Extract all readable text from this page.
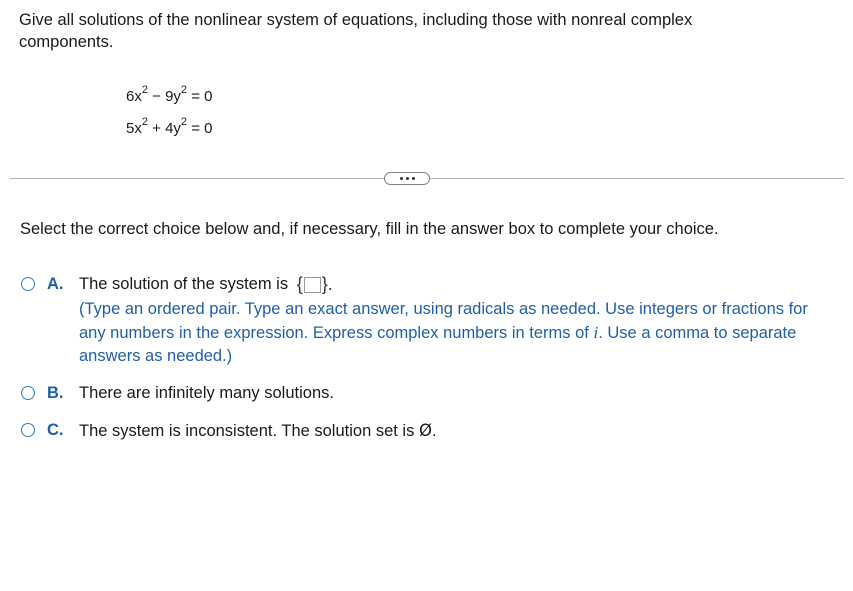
Give all solutions of the nonlinear system of equations, including those with nonreal complex
components.
$6x^2 - 9y^2 = 0$
$5x^2 + 4y^2 = 0$
Select the correct choice below and, if necessary, fill in the answer box to complete your choice.
A. The solution of the system is { } .
(Type an ordered pair. Type an exact answer, using radicals as needed. Use integers or fractions for any numbers in the expression. Express complex numbers in terms of i. Use a comma to separate answers as needed.)
B. There are infinitely many solutions.
C. The system is inconsistent. The solution set is Ø.
